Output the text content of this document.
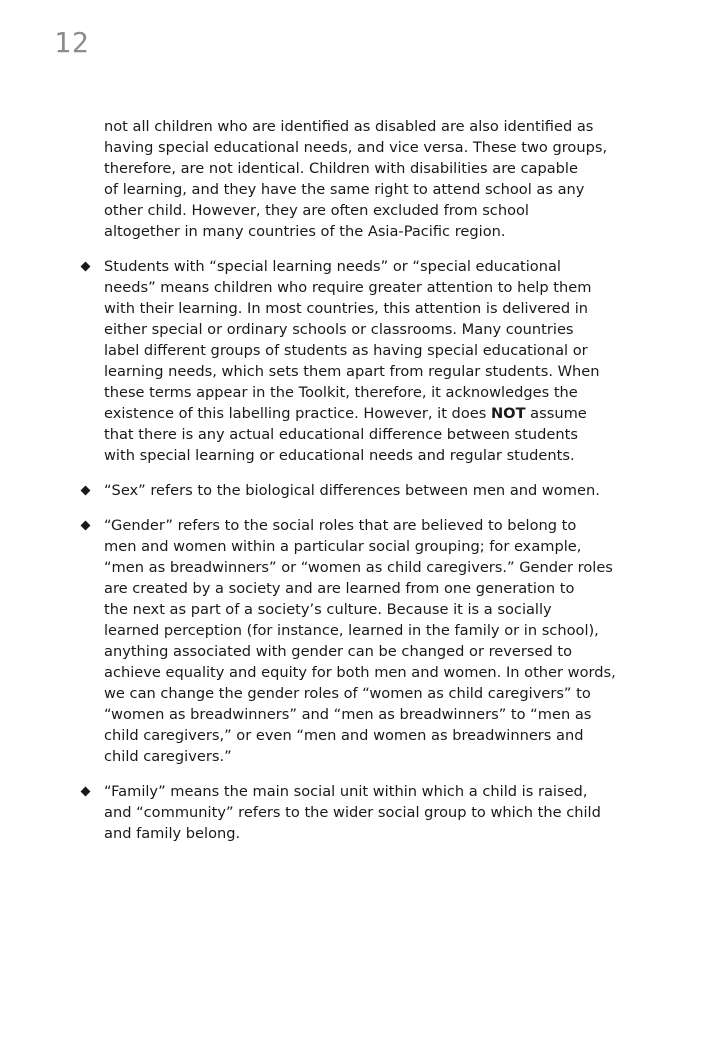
12

not all children who are identified as disabled are also identified as
having special educational needs, and vice versa. These two groups,
therefore, are not identical. Children with disabilities are capable
of learning, and they have the same right to attend school as any
other child. However, they are often excluded from school
altogether in many countries of the Asia-Pacific region.

Students with “special learning needs” or “special educational
needs” means children who require greater attention to help them
with their learning. In most countries, this attention is delivered in
either special or ordinary schools or classrooms. Many countries
label different groups of students as having special educational or
learning needs, which sets them apart from regular students. When
these terms appear in the Toolkit, therefore, it acknowledges the
existence of this labelling practice. However, it does NOT assume
that there is any actual educational difference between students
with special learning or educational needs and regular students.
“Sex” refers to the biological differences between men and women.
“Gender” refers to the social roles that are believed to belong to
men and women within a particular social grouping; for example,
“men as breadwinners” or “women as child caregivers.” Gender roles
are created by a society and are learned from one generation to
the next as part of a society’s culture. Because it is a socially
learned perception (for instance, learned in the family or in school),
anything associated with gender can be changed or reversed to
achieve equality and equity for both men and women. In other words,
we can change the gender roles of “women as child caregivers” to
“women as breadwinners” and “men as breadwinners” to “men as
child caregivers,” or even “men and women as breadwinners and
child caregivers.”
“Family” means the main social unit within which a child is raised,
and “community” refers to the wider social group to which the child
and family belong.
